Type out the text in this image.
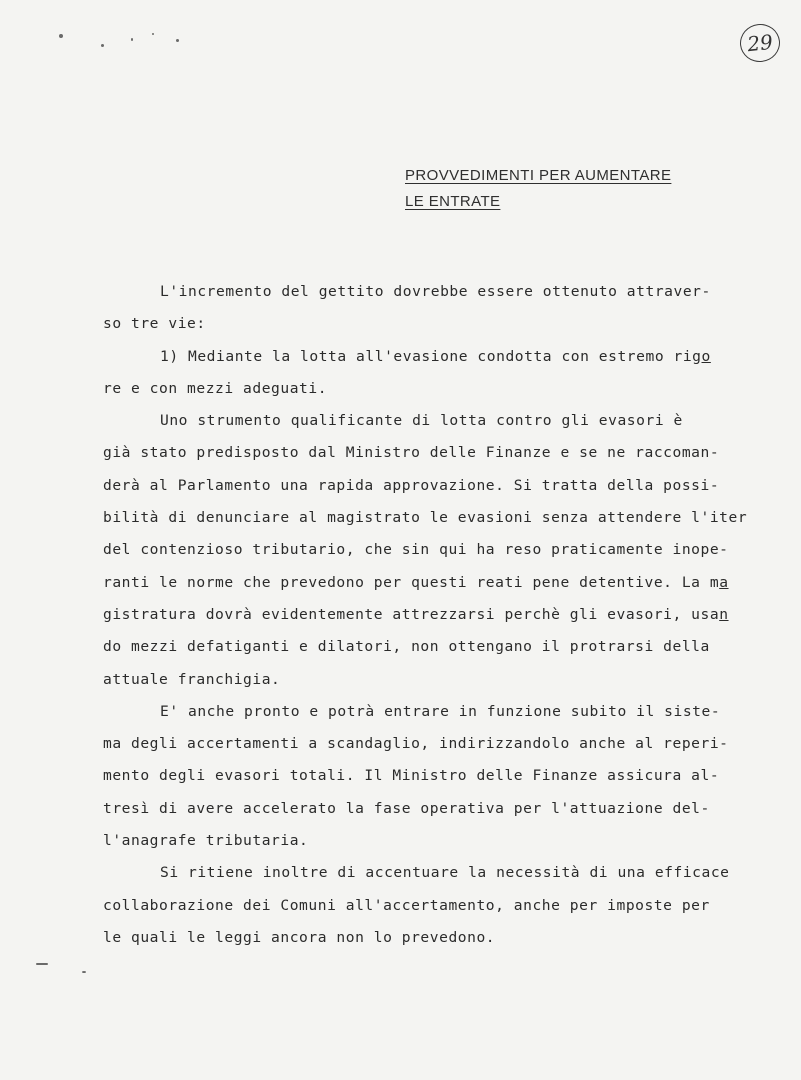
29
PROVVEDIMENTI PER AUMENTARE
LE ENTRATE
L'incremento del gettito dovrebbe essere ottenuto attraver-
so tre vie:
1) Mediante la lotta all'evasione condotta con estremo rigo
re e con mezzi adeguati.
Uno strumento qualificante di lotta contro gli evasori è
già stato predisposto dal Ministro delle Finanze e se ne raccoman-
derà al Parlamento una rapida approvazione. Si tratta della possi-
bilità di denunciare al magistrato le evasioni senza attendere l'iter
del contenzioso tributario, che sin qui ha reso praticamente inope-
ranti le norme che prevedono per questi reati pene detentive. La ma
gistratura dovrà evidentemente attrezzarsi perchè gli evasori, usan
do mezzi defatiganti e dilatori, non ottengano il protrarsi della
attuale franchigia.
E' anche pronto e potrà entrare in funzione subito il siste-
ma degli accertamenti a scandaglio, indirizzandolo anche al reperi-
mento degli evasori totali. Il Ministro delle Finanze assicura al-
tresì di avere accelerato la fase operativa per l'attuazione del-
l'anagrafe tributaria.
Si ritiene inoltre di accentuare la necessità di una efficace
collaborazione dei Comuni all'accertamento, anche per imposte per
le quali le leggi ancora non lo prevedono.
